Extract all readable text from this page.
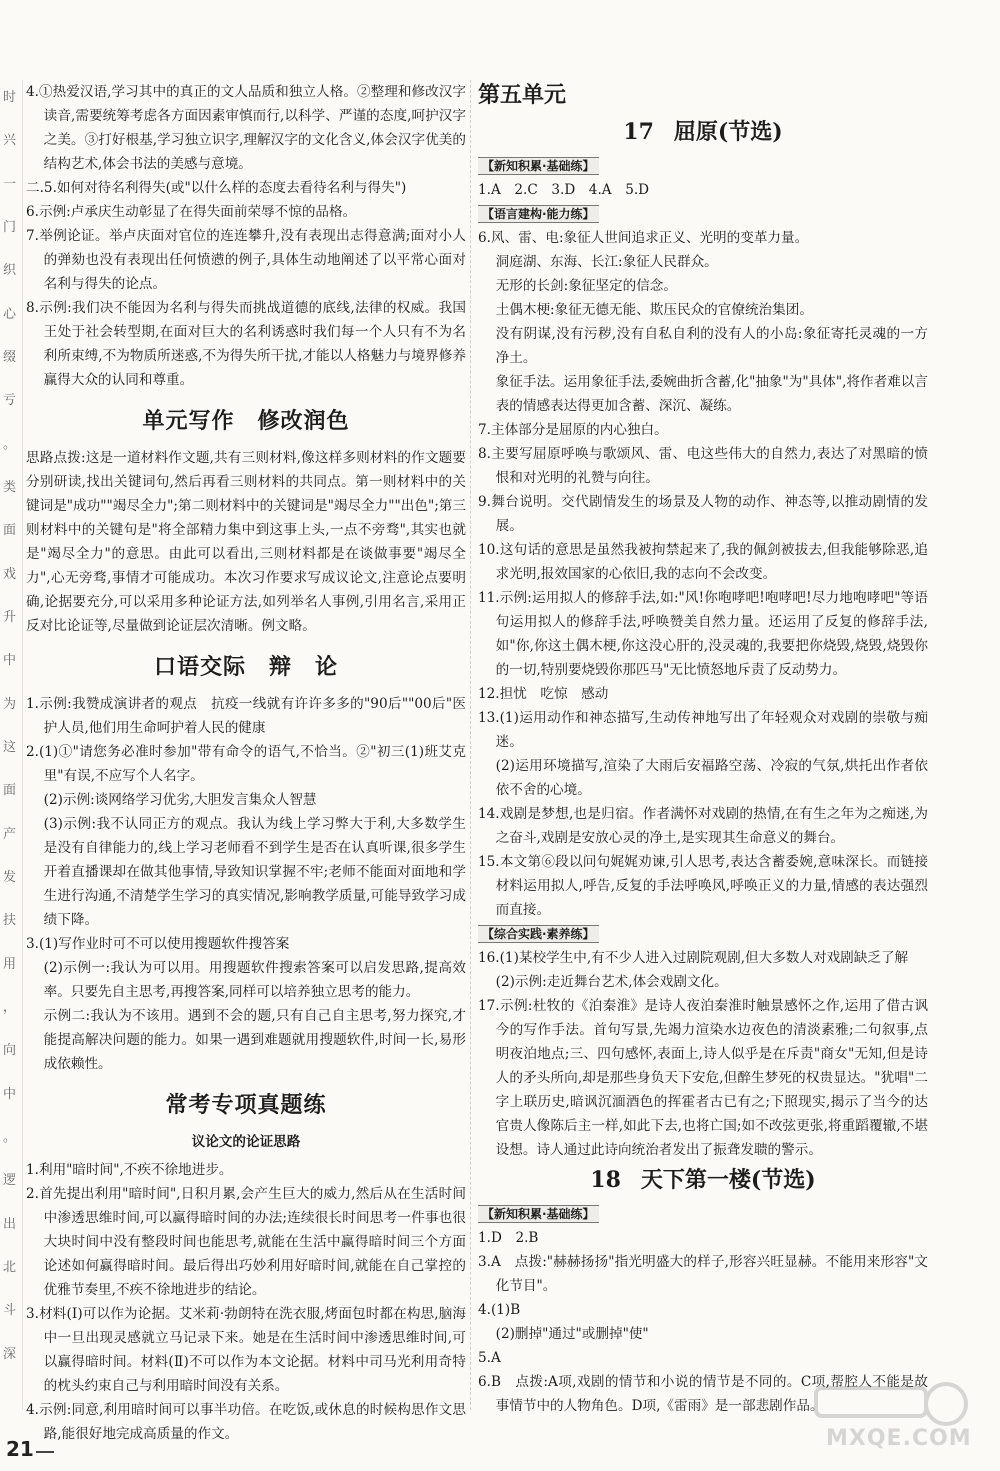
时
兴
一
门
织
心
缀
亏
。
类
面
戏
升
中
为
这
面
产
发
扶
用
，
向
中
。
逻
出
北
斗
深

4.①热爱汉语,学习其中的真正的文人品质和独立人格。②整理和修改汉字读音,需要统筹考虑各方面因素审慎而行,以科学、严谨的态度,呵护汉字之美。③打好根基,学习独立识字,理解汉字的文化含义,体会汉字优美的结构艺术,体会书法的美感与意境。

二.5.如何对待名利得失(或"以什么样的态度去看待名利与得失")

6.示例:卢承庆生动彰显了在得失面前荣辱不惊的品格。

7.举例论证。举卢庆面对官位的连连攀升,没有表现出志得意满;面对小人的弹劾也没有表现出任何愤懑的例子,具体生动地阐述了以平常心面对名利与得失的论点。

8.示例:我们决不能因为名利与得失而挑战道德的底线,法律的权威。我国王处于社会转型期,在面对巨大的名利诱惑时我们每一个人只有不为名利所束缚,不为物质所迷惑,不为得失所干扰,才能以人格魅力与境界修养赢得大众的认同和尊重。

单元写作　修改润色

思路点拨:这是一道材料作文题,共有三则材料,像这样多则材料的作文题要分别研读,找出关键词句,然后再看三则材料的共同点。第一则材料中的关键词是"成功""竭尽全力";第二则材料中的关键词是"竭尽全力""出色";第三则材料中的关键句是"将全部精力集中到这事上头,一点不旁骛",其实也就是"竭尽全力"的意思。由此可以看出,三则材料都是在谈做事要"竭尽全力",心无旁骛,事情才可能成功。本次习作要求写成议论文,注意论点要明确,论据要充分,可以采用多种论证方法,如列举名人事例,引用名言,采用正反对比论证等,尽量做到论证层次清晰。例文略。

口语交际　辩　论

1.示例:我赞成演讲者的观点　抗疫一线就有许许多多的"90后""00后"医护人员,他们用生命呵护着人民的健康

2.(1)①"请您务必准时参加"带有命令的语气,不恰当。②"初三(1)班艾克里"有误,不应写个人名字。

(2)示例:谈网络学习优劣,大胆发言集众人智慧

(3)示例:我不认同正方的观点。我认为线上学习弊大于利,大多数学生是没有自律能力的,线上学习老师看不到学生是否在认真听课,很多学生开着直播课却在做其他事情,导致知识掌握不牢;老师不能面对面地和学生进行沟通,不清楚学生学习的真实情况,影响教学质量,可能导致学习成绩下降。

3.(1)写作业时可不可以使用搜题软件搜答案

(2)示例一:我认为可以用。用搜题软件搜索答案可以启发思路,提高效率。只要先自主思考,再搜答案,同样可以培养独立思考的能力。

示例二:我认为不该用。遇到不会的题,只有自己自主思考,努力探究,才能提高解决问题的能力。如果一遇到难题就用搜题软件,时间一长,易形成依赖性。

常考专项真题练
议论文的论证思路

1.利用"暗时间",不疾不徐地进步。

2.首先提出利用"暗时间",日积月累,会产生巨大的威力,然后从在生活时间中渗透思维时间,可以赢得暗时间的办法;连续很长时间思考一件事也很大块时间中没有整段时间也能思考,就能在生活中赢得暗时间三个方面论述如何赢得暗时间。最后得出巧妙利用好暗时间,就能在自己掌控的优雅节奏里,不疾不徐地进步的结论。

3.材料(Ⅰ)可以作为论据。艾米莉·勃朗特在洗衣服,烤面包时都在构思,脑海中一旦出现灵感就立马记录下来。她是在生活时间中渗透思维时间,可以赢得暗时间。材料(Ⅱ)不可以作为本文论据。材料中司马光利用奇特的枕头约束自己与利用暗时间没有关系。

4.示例:同意,利用暗时间可以事半功倍。在吃饭,或休息的时候构思作文思路,能很好地完成高质量的作文。

第五单元
17 屈原(节选)
【新知积累·基础练】

1.A　2.C　3.D　4.A　5.D

【语言建构·能力练】

6.风、雷、电:象征人世间追求正义、光明的变革力量。

洞庭湖、东海、长江:象征人民群众。

无形的长剑:象征坚定的信念。

土偶木梗:象征无德无能、欺压民众的官僚统治集团。

没有阴谋,没有污秽,没有自私自利的没有人的小岛:象征寄托灵魂的一方净土。

象征手法。运用象征手法,委婉曲折含蓄,化"抽象"为"具体",将作者难以言表的情感表达得更加含蓄、深沉、凝练。

7.主体部分是屈原的内心独白。

8.主要写屈原呼唤与歌颂风、雷、电这些伟大的自然力,表达了对黑暗的愤恨和对光明的礼赞与向往。

9.舞台说明。交代剧情发生的场景及人物的动作、神态等,以推动剧情的发展。

10.这句话的意思是虽然我被拘禁起来了,我的佩剑被拔去,但我能够除恶,追求光明,报效国家的心依旧,我的志向不会改变。

11.示例:运用拟人的修辞手法,如:"风!你咆哮吧!咆哮吧!尽力地咆哮吧"等语句运用拟人的修辞手法,呼唤赞美自然力量。还运用了反复的修辞手法,如"你,你这土偶木梗,你这没心肝的,没灵魂的,我要把你烧毁,烧毁,烧毁你的一切,特别要烧毁你那匹马"无比愤怒地斥责了反动势力。

12.担忧　吃惊　感动

13.(1)运用动作和神态描写,生动传神地写出了年轻观众对戏剧的崇敬与痴迷。

(2)运用环境描写,渲染了大雨后安福路空荡、冷寂的气氛,烘托出作者依依不舍的心境。

14.戏剧是梦想,也是归宿。作者满怀对戏剧的热情,在有生之年为之痴迷,为之奋斗,戏剧是安放心灵的净土,是实现其生命意义的舞台。

15.本文第⑥段以问句娓娓劝谏,引人思考,表达含蓄委婉,意味深长。而链接材料运用拟人,呼告,反复的手法呼唤风,呼唤正义的力量,情感的表达强烈而直接。

【综合实践·素养练】

16.(1)某校学生中,有不少人进入过剧院观剧,但大多数人对戏剧缺乏了解

(2)示例:走近舞台艺术,体会戏剧文化。

17.示例:杜牧的《泊秦淮》是诗人夜泊秦淮时触景感怀之作,运用了借古讽今的写作手法。首句写景,先竭力渲染水边夜色的清淡素雅;二句叙事,点明夜泊地点;三、四句感怀,表面上,诗人似乎是在斥责"商女"无知,但是诗人的矛头所向,却是那些身负天下安危,但醉生梦死的权贵显达。"犹唱"二字上联历史,暗讽沉湎酒色的挥霍者古已有之;下照现实,揭示了当今的达官贵人像陈后主一样,如此下去,也将亡国;如不改弦更张,将重蹈覆辙,不堪设想。诗人通过此诗向统治者发出了振聋发聩的警示。

18 天下第一楼(节选)
【新知积累·基础练】

1.D　2.B

3.A　点拨:"赫赫扬扬"指光明盛大的样子,形容兴旺显赫。不能用来形容"文化节目"。

4.(1)B

(2)删掉"通过"或删掉"使"

5.A

6.B　点拨:A项,戏剧的情节和小说的情节是不同的。C项,帮腔人不能是故事情节中的人物角色。D项,《雷雨》是一部悲剧作品。

21	MXQE.COM
